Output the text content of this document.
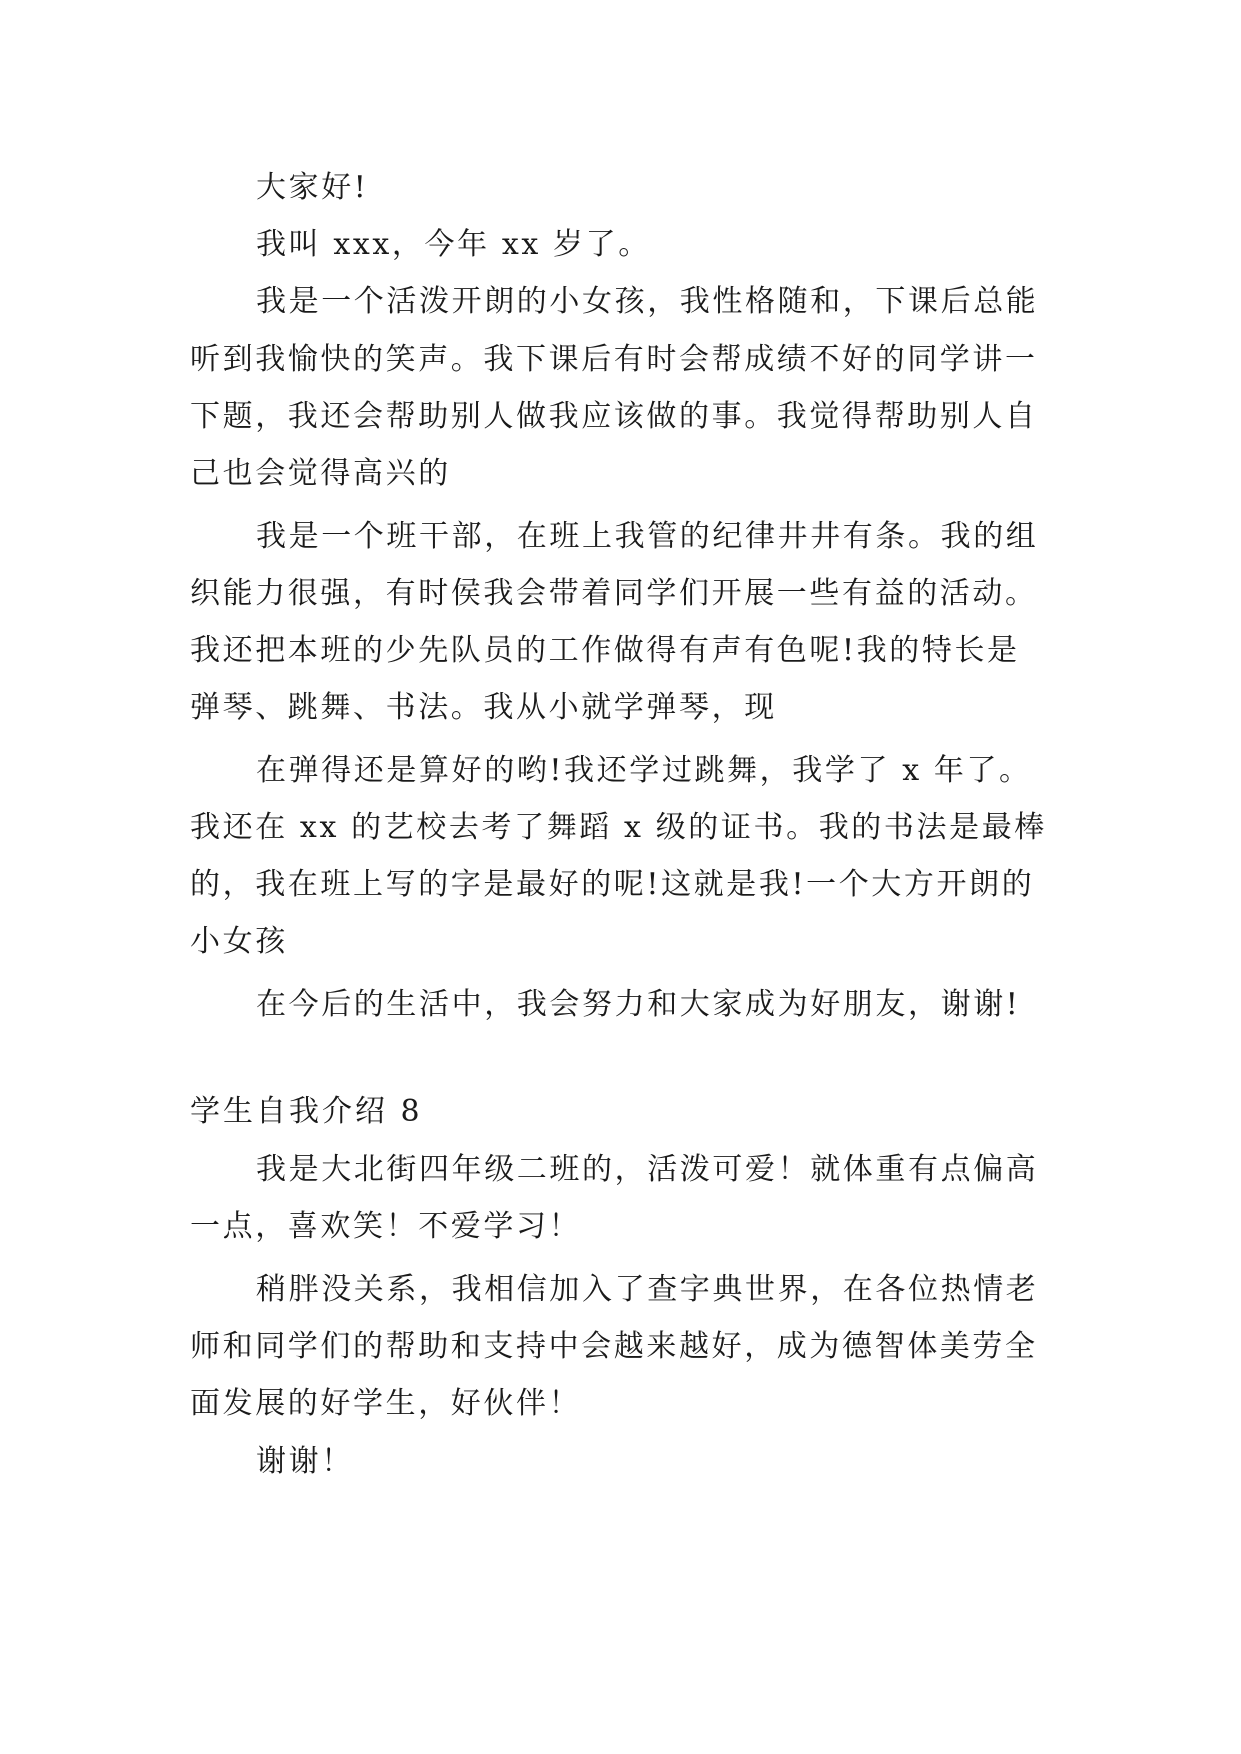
大家好!
我叫 xxx，今年 xx 岁了。
我是一个活泼开朗的小女孩，我性格随和，下课后总能
听到我愉快的笑声。我下课后有时会帮成绩不好的同学讲一
下题，我还会帮助别人做我应该做的事。我觉得帮助别人自
己也会觉得高兴的
我是一个班干部，在班上我管的纪律井井有条。我的组
织能力很强，有时侯我会带着同学们开展一些有益的活动。
我还把本班的少先队员的工作做得有声有色呢!我的特长是
弹琴、跳舞、书法。我从小就学弹琴，现
在弹得还是算好的哟!我还学过跳舞，我学了 x 年了。
我还在 xx 的艺校去考了舞蹈 x 级的证书。我的书法是最棒
的，我在班上写的字是最好的呢!这就是我!一个大方开朗的
小女孩
在今后的生活中，我会努力和大家成为好朋友，谢谢!
学生自我介绍 8
我是大北街四年级二班的，活泼可爱！就体重有点偏高
一点，喜欢笑！不爱学习！
稍胖没关系，我相信加入了查字典世界，在各位热情老
师和同学们的帮助和支持中会越来越好，成为德智体美劳全
面发展的好学生，好伙伴！
谢谢！
